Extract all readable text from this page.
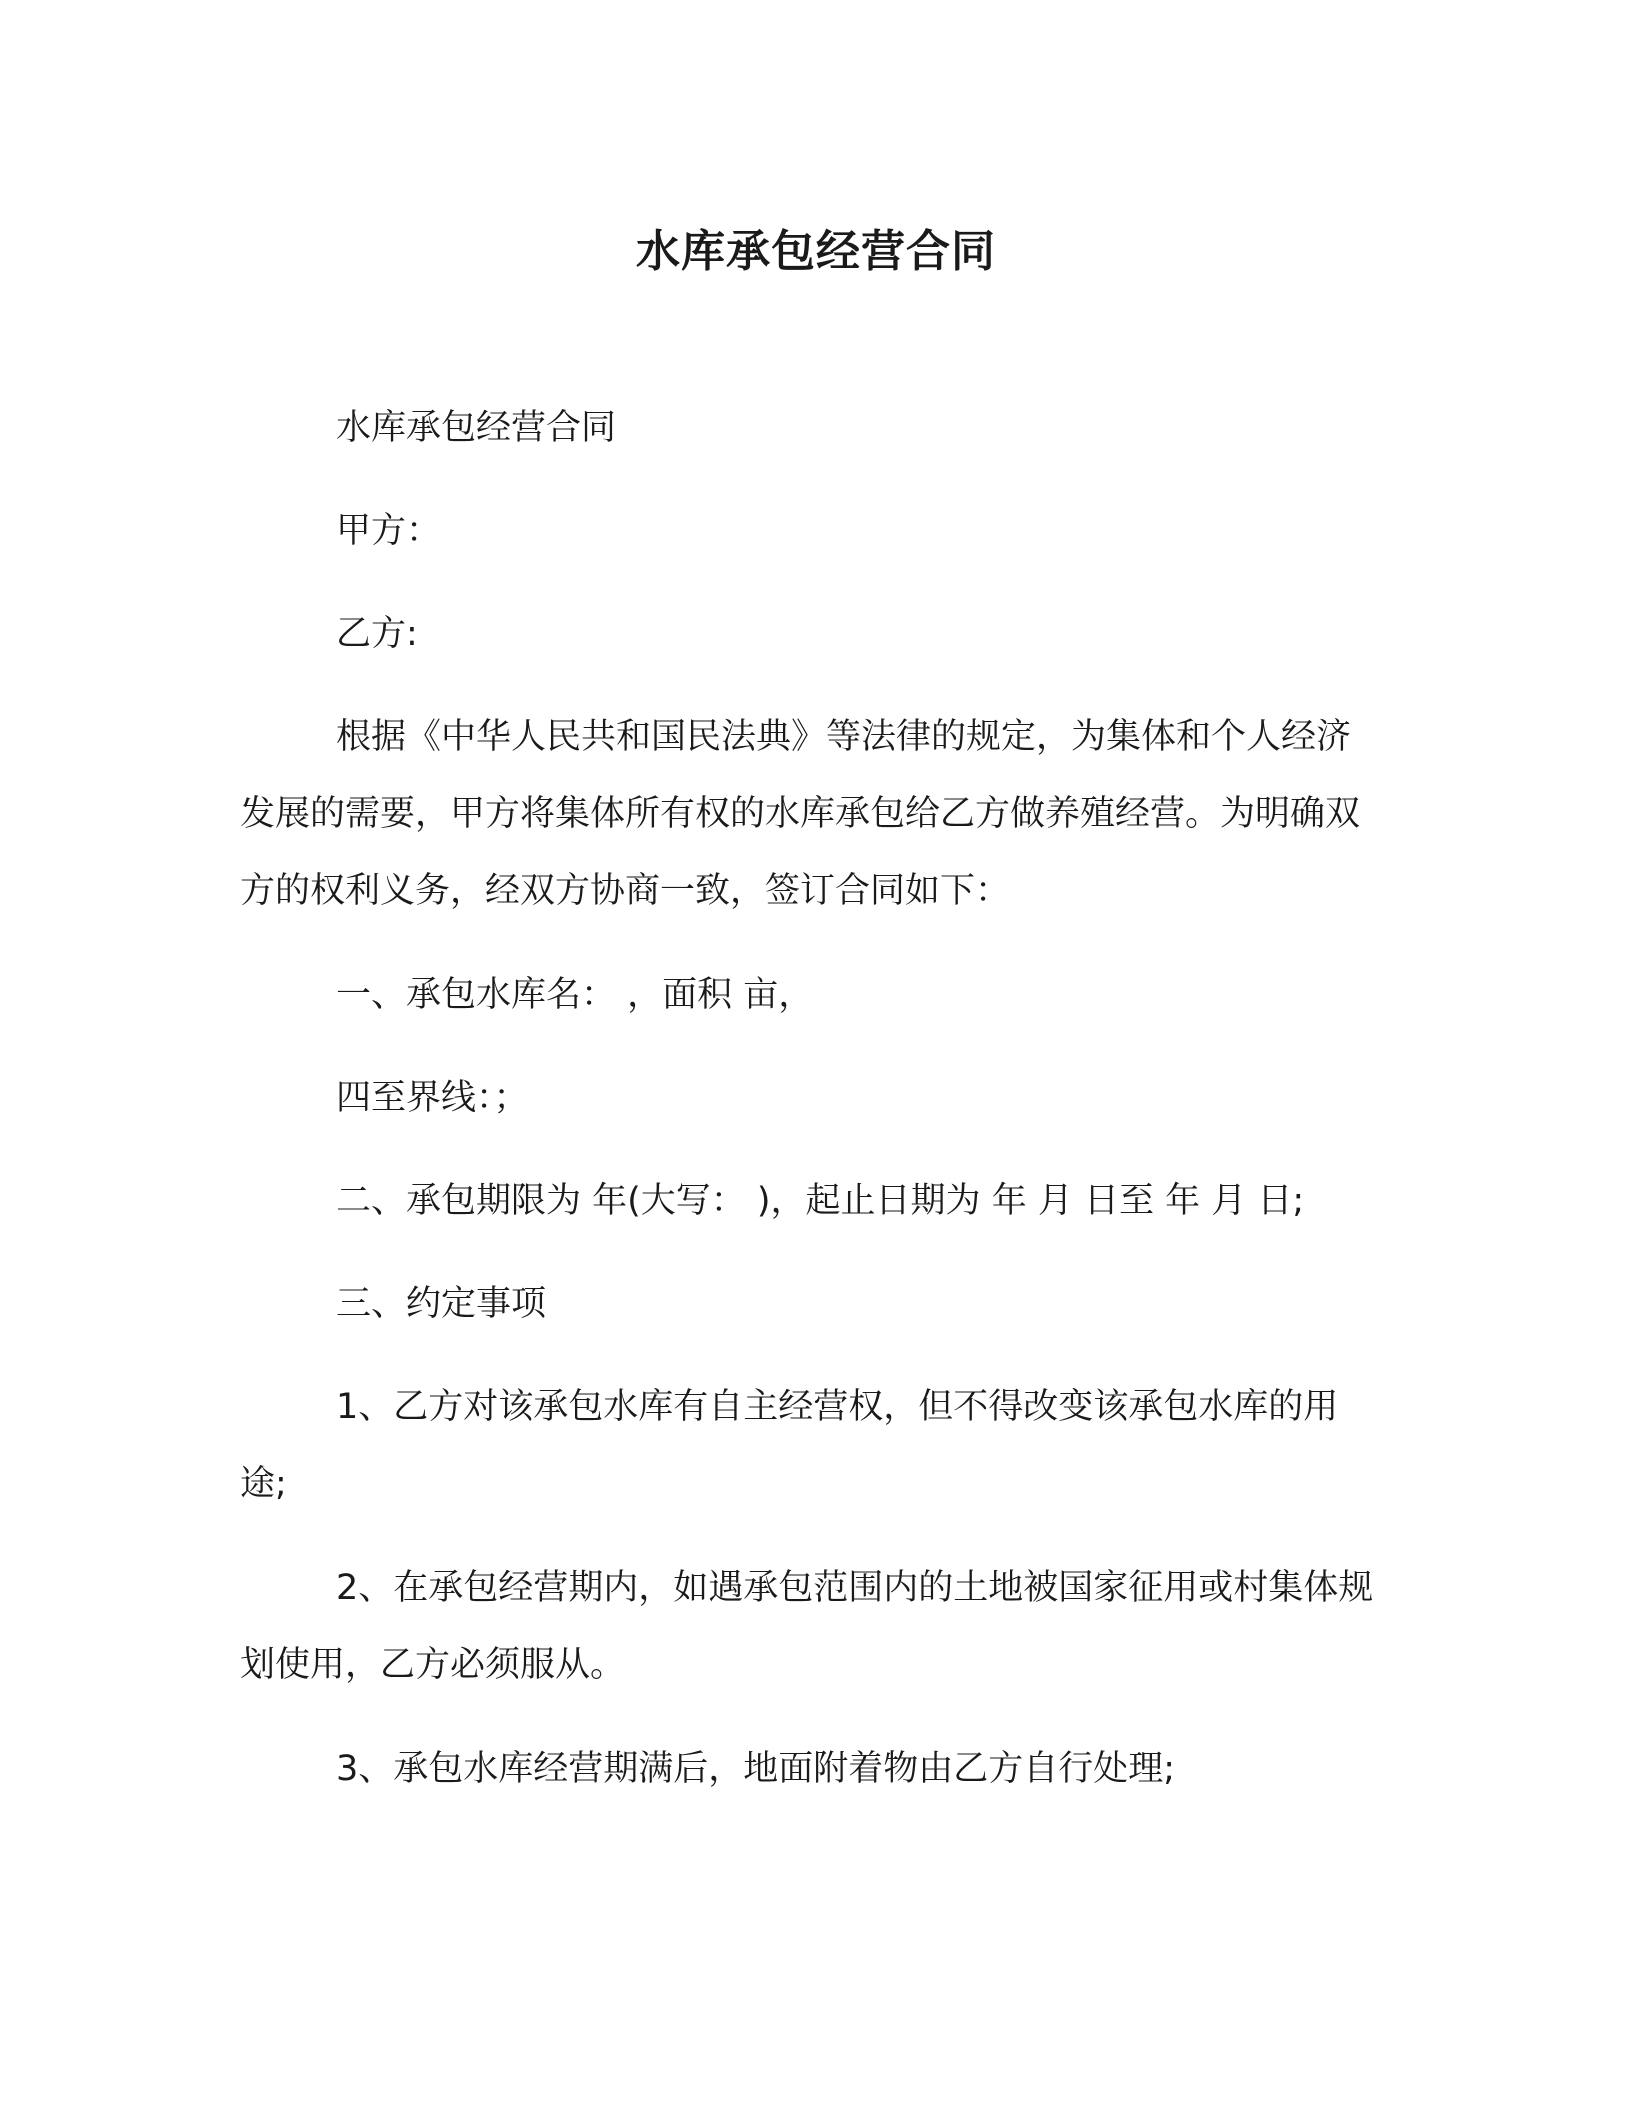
水库承包经营合同

水库承包经营合同

甲方：

乙方:

根据《中华人民共和国民法典》等法律的规定，为集体和个人经济发展的需要，甲方将集体所有权的水库承包给乙方做养殖经营。为明确双方的权利义务，经双方协商一致，签订合同如下：

一、承包水库名： ，面积 亩，

四至界线：；

二、承包期限为 年(大写： )，起止日期为 年 月 日至 年 月 日;

三、约定事项

1、乙方对该承包水库有自主经营权，但不得改变该承包水库的用途;

2、在承包经营期内，如遇承包范围内的土地被国家征用或村集体规划使用，乙方必须服从。

3、承包水库经营期满后，地面附着物由乙方自行处理;
